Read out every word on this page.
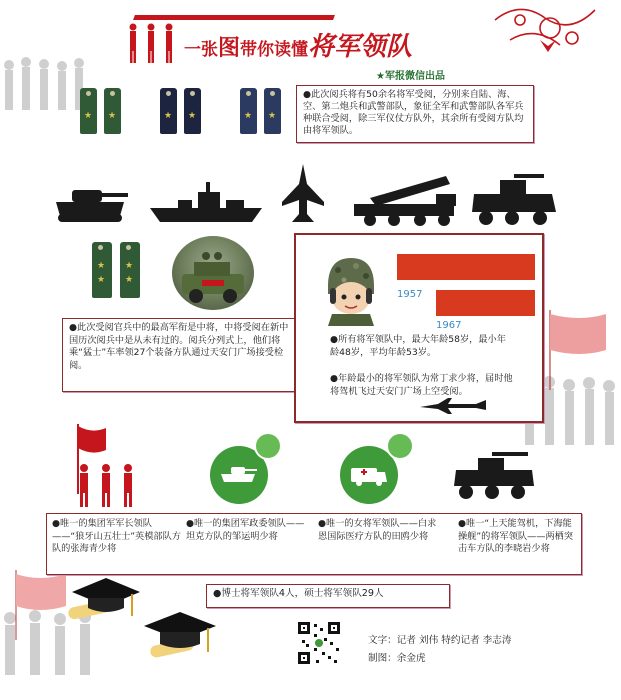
一张图带你读懂将军领队
★军报微信出品
★ ★	★ ★	★ ★
●此次阅兵将有50余名将军受阅，分别来自陆、海、空、第二炮兵和武警部队，象征全军和武警部队各军兵种联合受阅，除三军仪仗方队外，其余所有受阅方队均由将军领队。
★
★
★
★
●此次受阅官兵中的最高军衔是中将，中将受阅在新中国历次阅兵中是从未有过的。阅兵分列式上，他们将乘“猛士”车率领27个装备方队通过天安门广场接受检阅。
1957
1967
●所有将军领队中，最大年龄58岁，最小年龄48岁，平均年龄53岁。
●年龄最小的将军领队为常丁求少将，届时他将驾机飞过天安门广场上空受阅。
●唯一的集团军军长领队——“狼牙山五壮士”英模部队方队的张海青少将
●唯一的集团军政委领队——坦克方队的邹运明少将
●唯一的女将军领队——白求恩国际医疗方队的田鸥少将
●唯一“上天能驾机，下海能操舰”的将军领队——两栖突击车方队的李晓岩少将
●博士将军领队4人，硕士将军领队29人
文字：记者 刘伟 特约记者 李志涛
制图：余金虎
